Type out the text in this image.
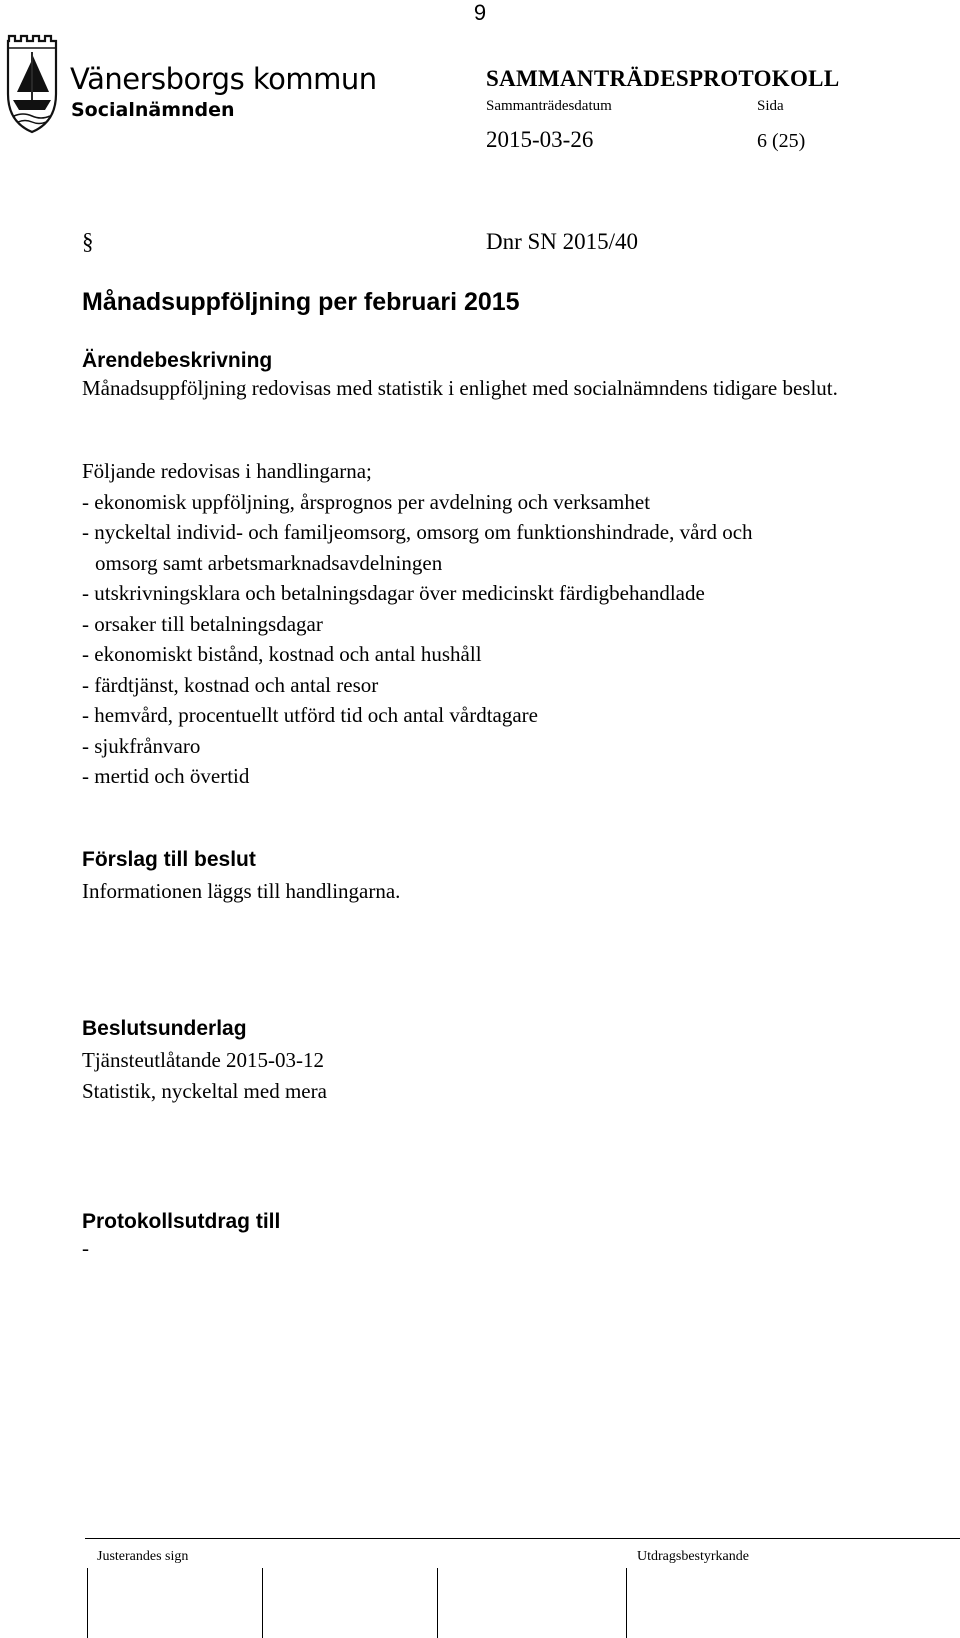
9
Vänersborgs kommun
Socialnämnden
SAMMANTRÄDESPROTOKOLL
Sammanträdesdatum	Sida
2015-03-26	6 (25)
§	Dnr SN 2015/40
Månadsuppföljning per februari 2015
Ärendebeskrivning
Månadsuppföljning redovisas med statistik i enlighet med socialnämndens tidigare beslut.
Följande redovisas i handlingarna;
- ekonomisk uppföljning, årsprognos per avdelning och verksamhet
- nyckeltal individ- och familjeomsorg, omsorg om funktionshindrade, vård och
omsorg samt arbetsmarknadsavdelningen
- utskrivningsklara och betalningsdagar över medicinskt färdigbehandlade
- orsaker till betalningsdagar
- ekonomiskt bistånd, kostnad och antal hushåll
- färdtjänst, kostnad och antal resor
- hemvård, procentuellt utförd tid och antal vårdtagare
- sjukfrånvaro
- mertid och övertid
Förslag till beslut
Informationen läggs till handlingarna.
Beslutsunderlag
Tjänsteutlåtande 2015-03-12
Statistik, nyckeltal med mera
Protokollsutdrag till
-
Justerandes sign	Utdragsbestyrkande
